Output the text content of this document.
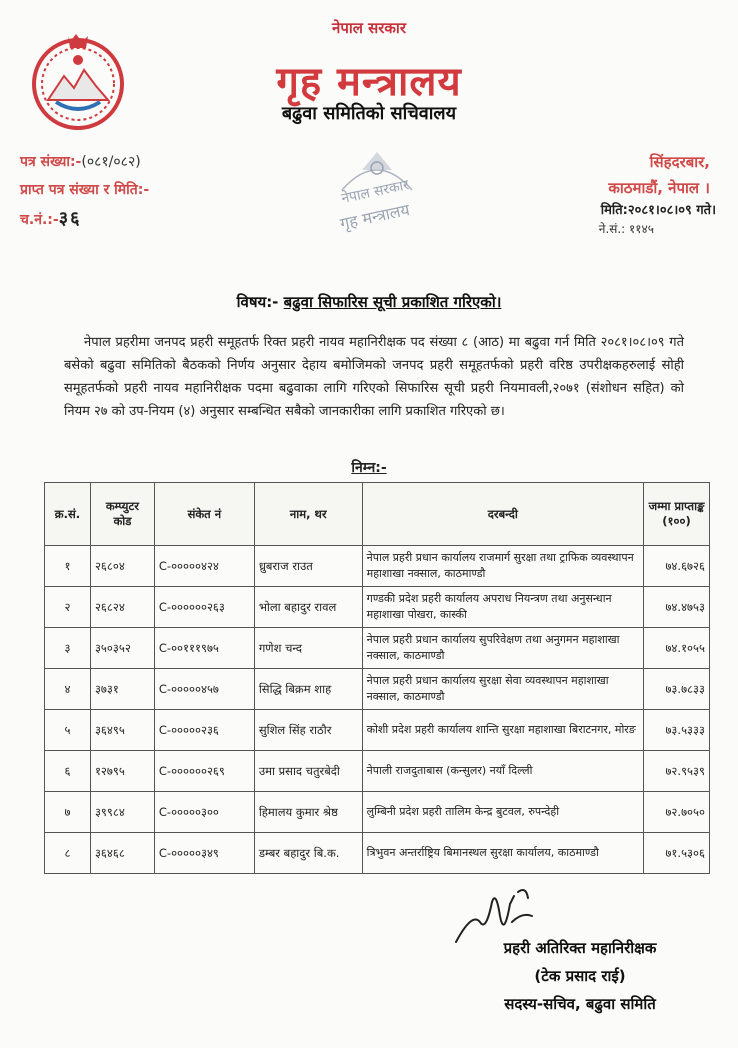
नेपाल सरकार
गृह मन्त्रालय
बढुवा समितिको सचिवालय
पत्र संख्या:-(०८१/०८२)
प्राप्त पत्र संख्या र मिति:-
च.नं.:-३६
नेपाल सरकार
गृह मन्त्रालय
सिंहदरबार,
काठमाडौं, नेपाल ।
मिति:२०८१।०८।०९ गते।
ने.सं.: ११४५
विषय:- बढुवा सिफारिस सूची प्रकाशित गरिएको।
नेपाल प्रहरीमा जनपद प्रहरी समूहतर्फ रिक्त प्रहरी नायव महानिरीक्षक पद संख्या ८ (आठ) मा बढुवा गर्न मिति २०८१।०८।०९ गते बसेको बढुवा समितिको बैठकको निर्णय अनुसार देहाय बमोजिमको जनपद प्रहरी समूहतर्फको प्रहरी वरिष्ठ उपरीक्षकहरुलाई सोही समूहतर्फको प्रहरी नायव महानिरीक्षक पदमा बढुवाका लागि गरिएको सिफारिस सूची प्रहरी नियमावली,२०७१ (संशोधन सहित) को नियम २७ को उप-नियम (४) अनुसार सम्बन्धित सबैको जानकारीका लागि प्रकाशित गरिएको छ।
निम्न:-
क्र.सं.	कम्प्युटर कोड	संकेत नं	नाम, थर	दरबन्दी	जम्मा प्राप्ताङ्क (१००)
१	२६८०४	C-०००००४२४	ध्रुबराज राउत	नेपाल प्रहरी प्रधान कार्यालय राजमार्ग सुरक्षा तथा ट्राफिक व्यवस्थापन महाशाखा नक्साल, काठमाण्डौ	७४.६७२६
२	२६८२४	C-००००००२६३	भोला बहादुर रावल	गण्डकी प्रदेश प्रहरी कार्यालय अपराध नियन्त्रण तथा अनुसन्धान महाशाखा पोखरा, कास्की	७४.४७५३
३	३५०३५२	C-००१११९७५	गणेश चन्द	नेपाल प्रहरी प्रधान कार्यालय सुपरिवेक्षण तथा अनुगमन महाशाखा नक्साल, काठमाण्डौ	७४.१०५५
४	३७३१	C-०००००४५७	सिद्धि बिक्रम शाह	नेपाल प्रहरी प्रधान कार्यालय सुरक्षा सेवा व्यवस्थापन महाशाखा नक्साल, काठमाण्डौ	७३.७८३३
५	३६४९५	C-०००००२३६	सुशिल सिंह राठौर	कोशी प्रदेश प्रहरी कार्यालय शान्ति सुरक्षा महाशाखा बिराटनगर, मोरङ	७३.५३३३
६	१२७९५	C-००००००२६९	उमा प्रसाद चतुरबेदी	नेपाली राजदुताबास (कन्सुलर) नयाँ दिल्ली	७२.९५३९
७	३९९८४	C-०००००३००	हिमालय कुमार श्रेष्ठ	लुम्बिनी प्रदेश प्रहरी तालिम केन्द्र बुटवल, रुपन्देही	७२.७०५०
८	३६४६८	C-०००००३४९	डम्बर बहादुर बि.क.	त्रिभुवन अन्तर्राष्ट्रिय बिमानस्थल सुरक्षा कार्यालय, काठमाण्डौ	७१.५३०६
प्रहरी अतिरिक्त महानिरीक्षक
(टेक प्रसाद राई)
सदस्य-सचिव, बढुवा समिति
